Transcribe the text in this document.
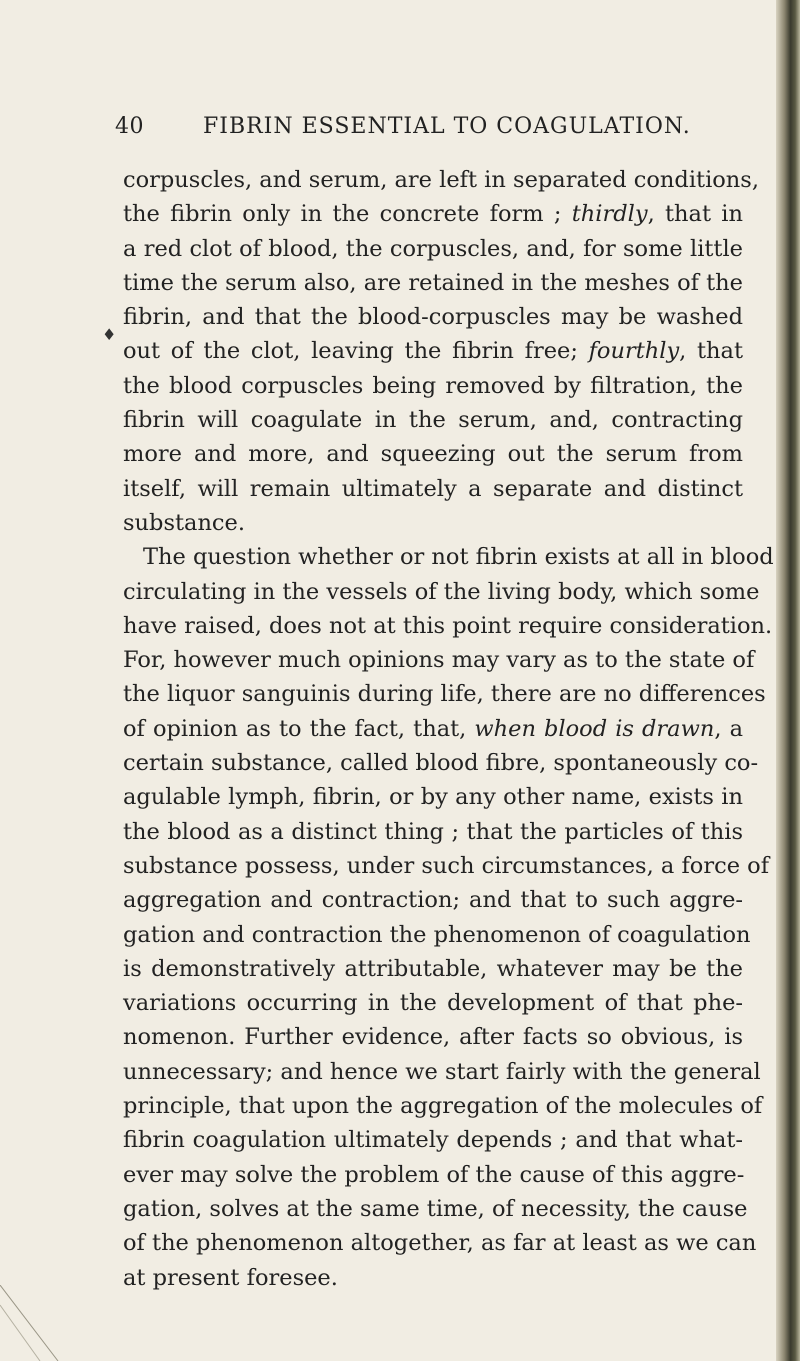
40	FIBRIN ESSENTIAL TO COAGULATION.
♦
corpuscles, and serum, are left in separated conditions,
the fibrin only in the concrete form ; thirdly, that in
a red clot of blood, the corpuscles, and, for some little
time the serum also, are retained in the meshes of the
fibrin, and that the blood-corpuscles may be washed
out of the clot, leaving the fibrin free; fourthly, that
the blood corpuscles being removed by filtration, the
fibrin will coagulate in the serum, and, contracting
more and more, and squeezing out the serum from
itself, will remain ultimately a separate and distinct
substance.
The question whether or not fibrin exists at all in blood
circulating in the vessels of the living body, which some
have raised, does not at this point require consideration.
For, however much opinions may vary as to the state of
the liquor sanguinis during life, there are no differences
of opinion as to the fact, that, when blood is drawn, a
certain substance, called blood fibre, spontaneously co-
agulable lymph, fibrin, or by any other name, exists in
the blood as a distinct thing ; that the particles of this
substance possess, under such circumstances, a force of
aggregation and contraction; and that to such aggre-
gation and contraction the phenomenon of coagulation
is demonstratively attributable, whatever may be the
variations occurring in the development of that phe-
nomenon. Further evidence, after facts so obvious, is
unnecessary; and hence we start fairly with the general
principle, that upon the aggregation of the molecules of
fibrin coagulation ultimately depends ; and that what-
ever may solve the problem of the cause of this aggre-
gation, solves at the same time, of necessity, the cause
of the phenomenon altogether, as far at least as we can
at present foresee.
